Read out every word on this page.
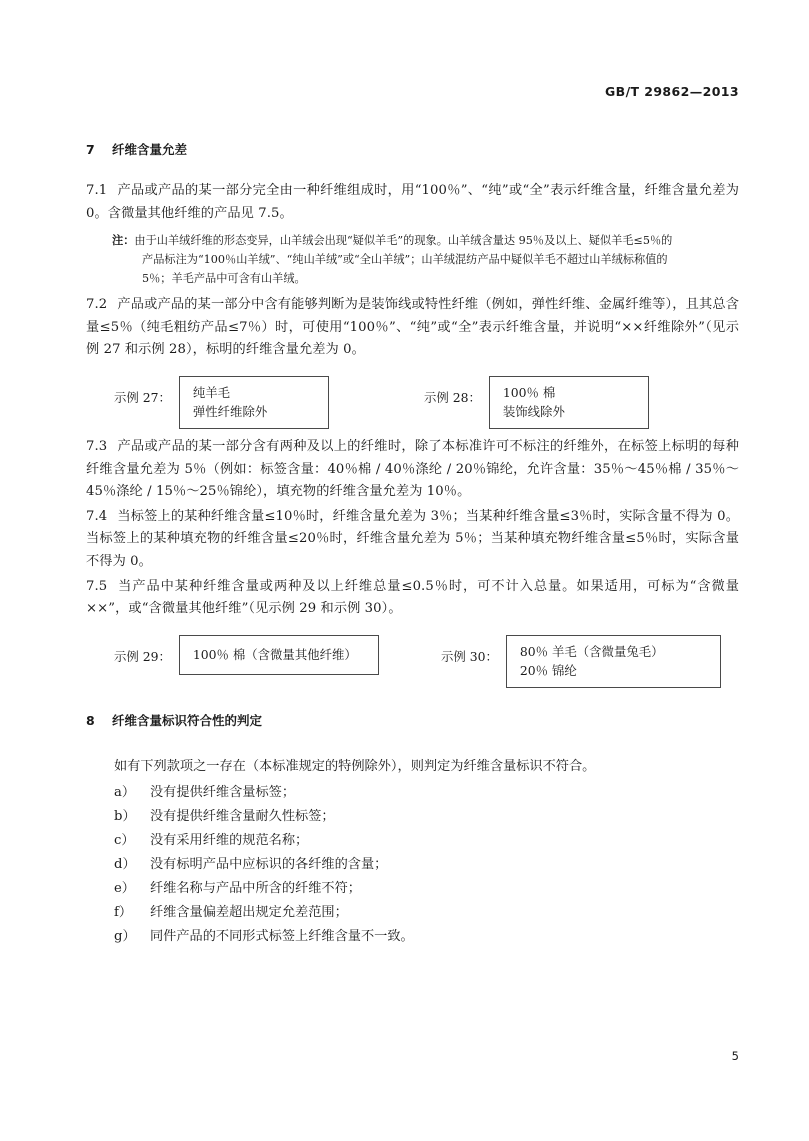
GB/T 29862—2013
7 纤维含量允差

7.1 产品或产品的某一部分完全由一种纤维组成时，用“100％”、“纯”或“全”表示纤维含量，纤维含量允差为 0。含微量其他纤维的产品见 7.5。

注：由于山羊绒纤维的形态变异，山羊绒会出现“疑似羊毛”的现象。山羊绒含量达 95％及以上、疑似羊毛≤5％的
产品标注为“100％山羊绒”、“纯山羊绒”或“全山羊绒”；山羊绒混纺产品中疑似羊毛不超过山羊绒标称值的
5％；羊毛产品中可含有山羊绒。

7.2 产品或产品的某一部分中含有能够判断为是装饰线或特性纤维（例如，弹性纤维、金属纤维等），且其总含量≤5％（纯毛粗纺产品≤7％）时，可使用“100％”、“纯”或“全”表示纤维含量，并说明“××纤维除外”（见示例 27 和示例 28），标明的纤维含量允差为 0。

示例 27： 纯羊毛
弹性纤维除外
示例 28： 100％ 棉
装饰线除外

7.3 产品或产品的某一部分含有两种及以上的纤维时，除了本标准许可不标注的纤维外，在标签上标明的每种纤维含量允差为 5％（例如：标签含量：40％棉 / 40％涤纶 / 20％锦纶，允许含量：35％～45％棉 / 35％～45％涤纶 / 15％～25％锦纶），填充物的纤维含量允差为 10％。

7.4 当标签上的某种纤维含量≤10％时，纤维含量允差为 3％；当某种纤维含量≤3％时，实际含量不得为 0。当标签上的某种填充物的纤维含量≤20％时，纤维含量允差为 5％；当某种填充物纤维含量≤5％时，实际含量不得为 0。

7.5 当产品中某种纤维含量或两种及以上纤维总量≤0.5％时，可不计入总量。如果适用，可标为“含微量××”，或“含微量其他纤维”（见示例 29 和示例 30）。

示例 29： 100％ 棉（含微量其他纤维）	示例 30： 80％ 羊毛（含微量兔毛）
20％ 锦纶
8 纤维含量标识符合性的判定

如有下列款项之一存在（本标准规定的特例除外），则判定为纤维含量标识不符合。

a）	没有提供纤维含量标签；
b）	没有提供纤维含量耐久性标签；
c）	没有采用纤维的规范名称；
d）	没有标明产品中应标识的各纤维的含量；
e）	纤维名称与产品中所含的纤维不符；
f）	纤维含量偏差超出规定允差范围；
g）	同件产品的不同形式标签上纤维含量不一致。
5
